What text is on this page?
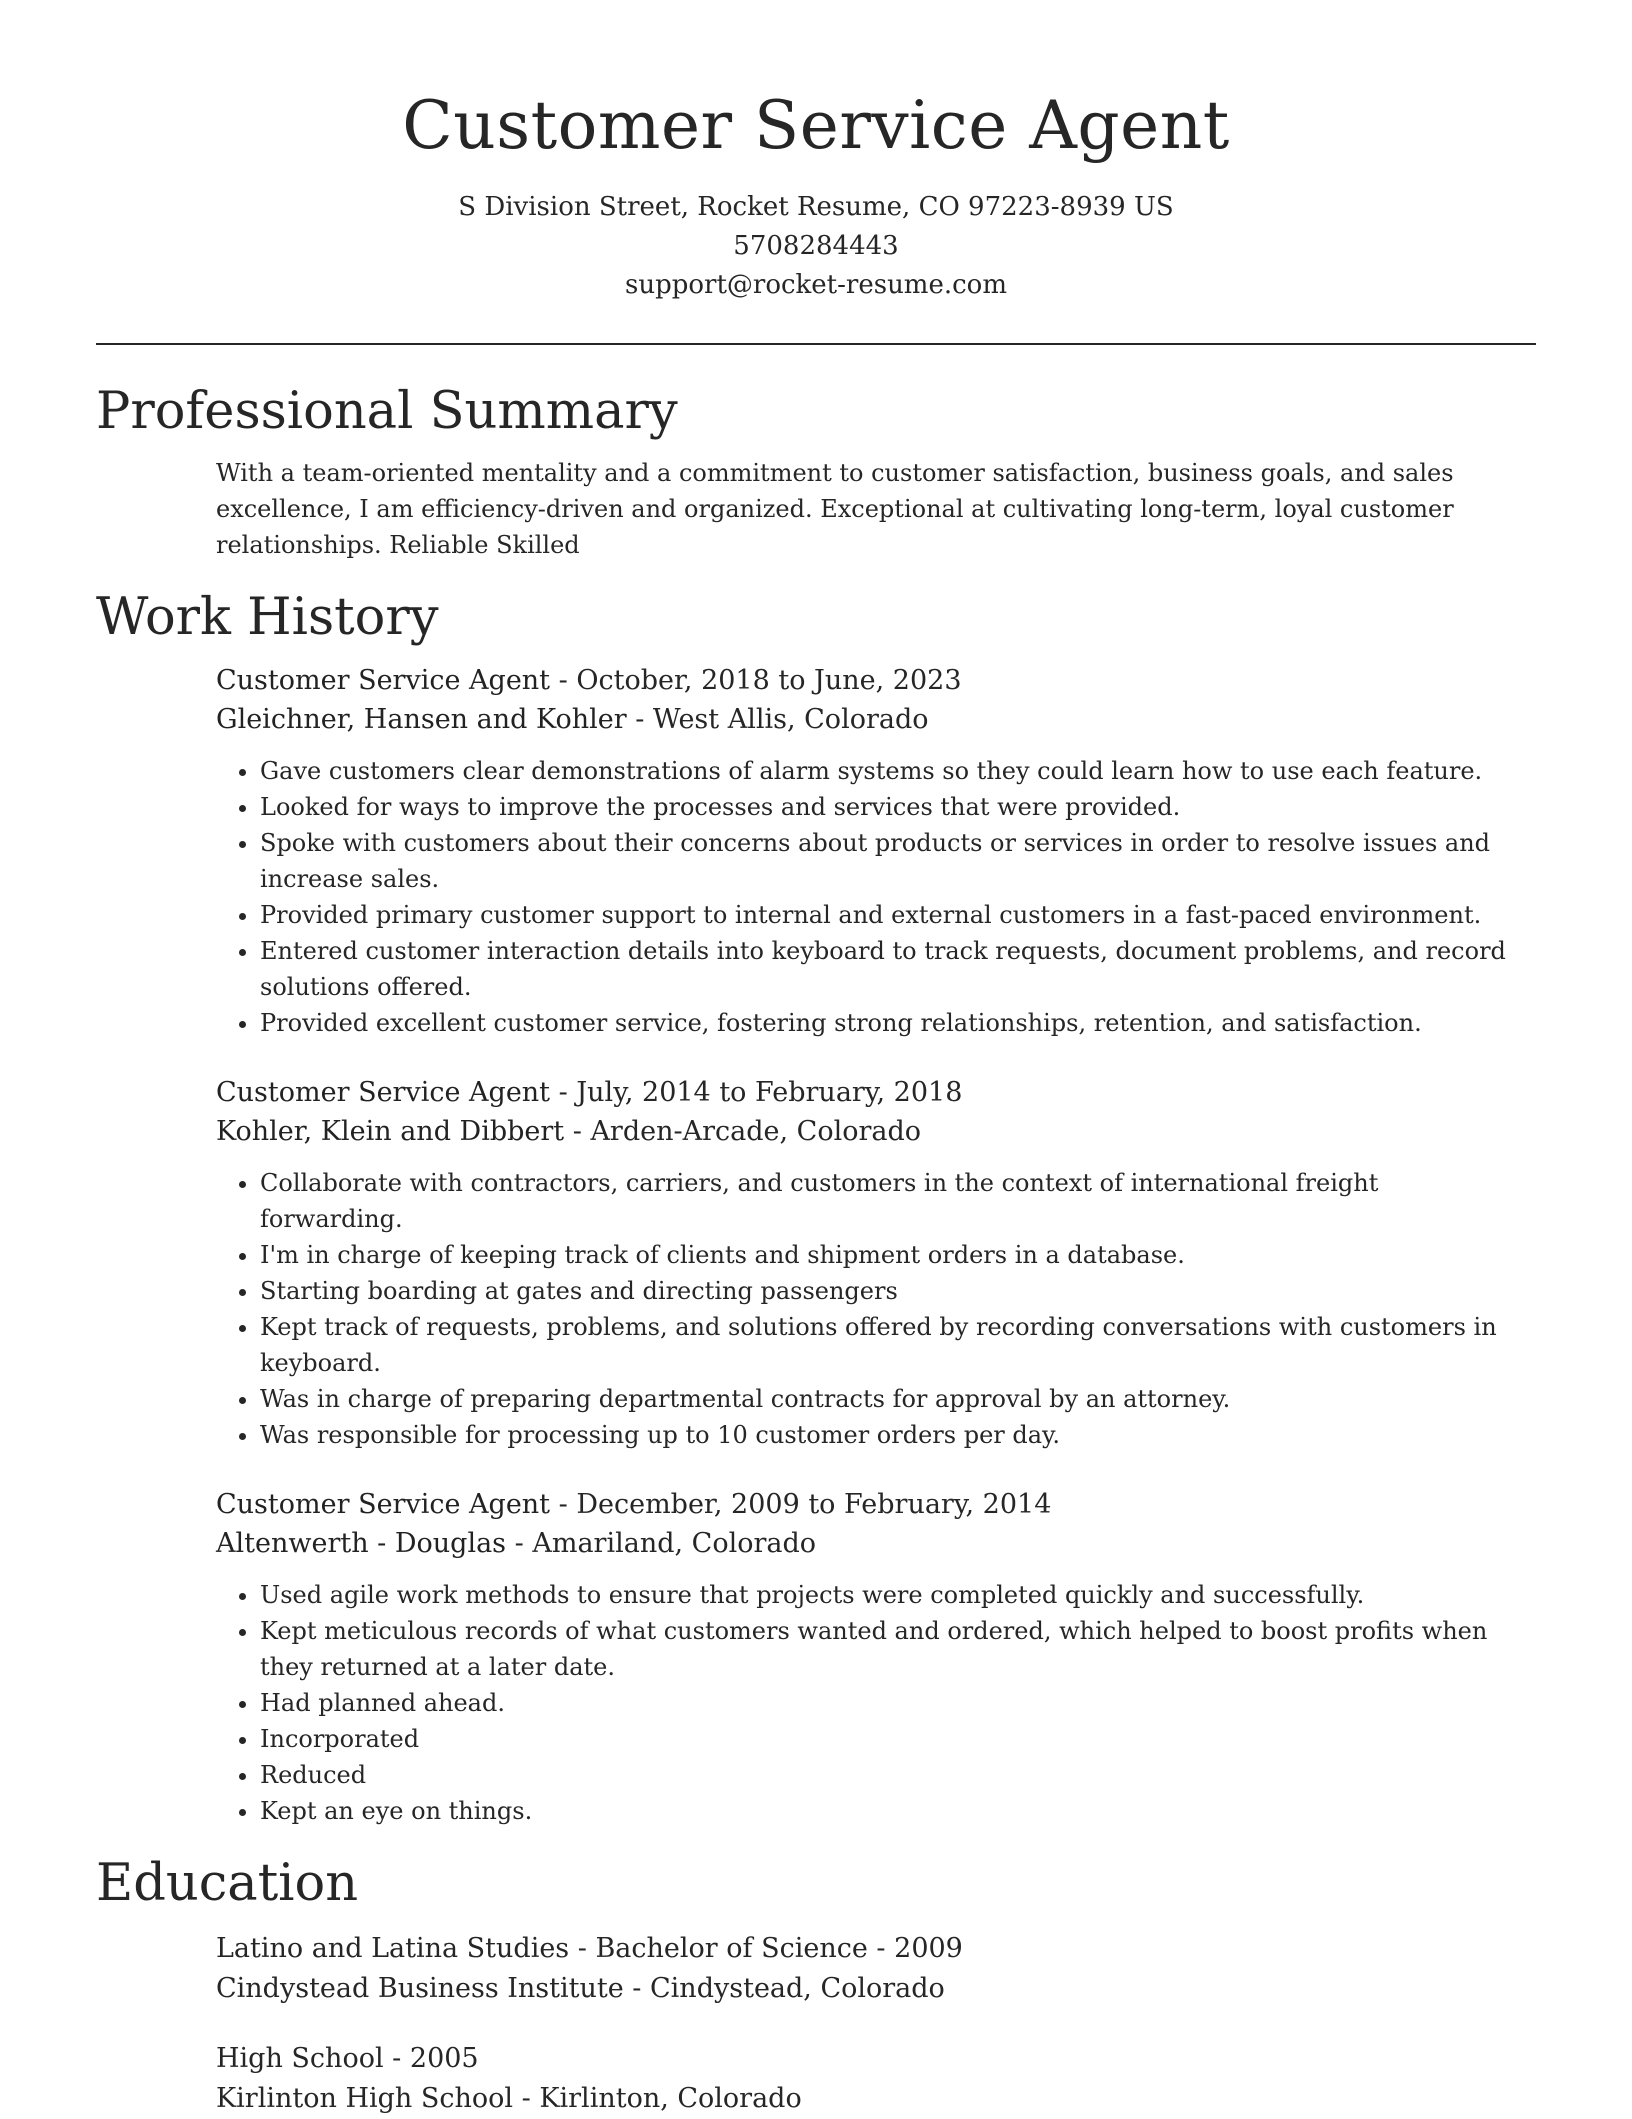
Customer Service Agent
S Division Street, Rocket Resume, CO 97223-8939 US
5708284443
support@rocket-resume.com
Professional Summary

With a team-oriented mentality and a commitment to customer satisfaction, business goals, and sales excellence, I am efficiency-driven and organized. Exceptional at cultivating long-term, loyal customer relationships. Reliable Skilled

Work History
Customer Service Agent - October, 2018 to June, 2023
Gleichner, Hansen and Kohler - West Allis, Colorado
• Gave customers clear demonstrations of alarm systems so they could learn how to use each feature.
• Looked for ways to improve the processes and services that were provided.
• Spoke with customers about their concerns about products or services in order to resolve issues and increase sales.
• Provided primary customer support to internal and external customers in a fast-paced environment.
• Entered customer interaction details into keyboard to track requests, document problems, and record solutions offered.
• Provided excellent customer service, fostering strong relationships, retention, and satisfaction.
Customer Service Agent - July, 2014 to February, 2018
Kohler, Klein and Dibbert - Arden-Arcade, Colorado
• Collaborate with contractors, carriers, and customers in the context of international freight forwarding.
• I'm in charge of keeping track of clients and shipment orders in a database.
• Starting boarding at gates and directing passengers
• Kept track of requests, problems, and solutions offered by recording conversations with customers in keyboard.
• Was in charge of preparing departmental contracts for approval by an attorney.
• Was responsible for processing up to 10 customer orders per day.
Customer Service Agent - December, 2009 to February, 2014
Altenwerth - Douglas - Amariland, Colorado
• Used agile work methods to ensure that projects were completed quickly and successfully.
• Kept meticulous records of what customers wanted and ordered, which helped to boost profits when they returned at a later date.
• Had planned ahead.
• Incorporated
• Reduced
• Kept an eye on things.
Education
Latino and Latina Studies - Bachelor of Science - 2009
Cindystead Business Institute - Cindystead, Colorado
High School - 2005
Kirlinton High School - Kirlinton, Colorado
